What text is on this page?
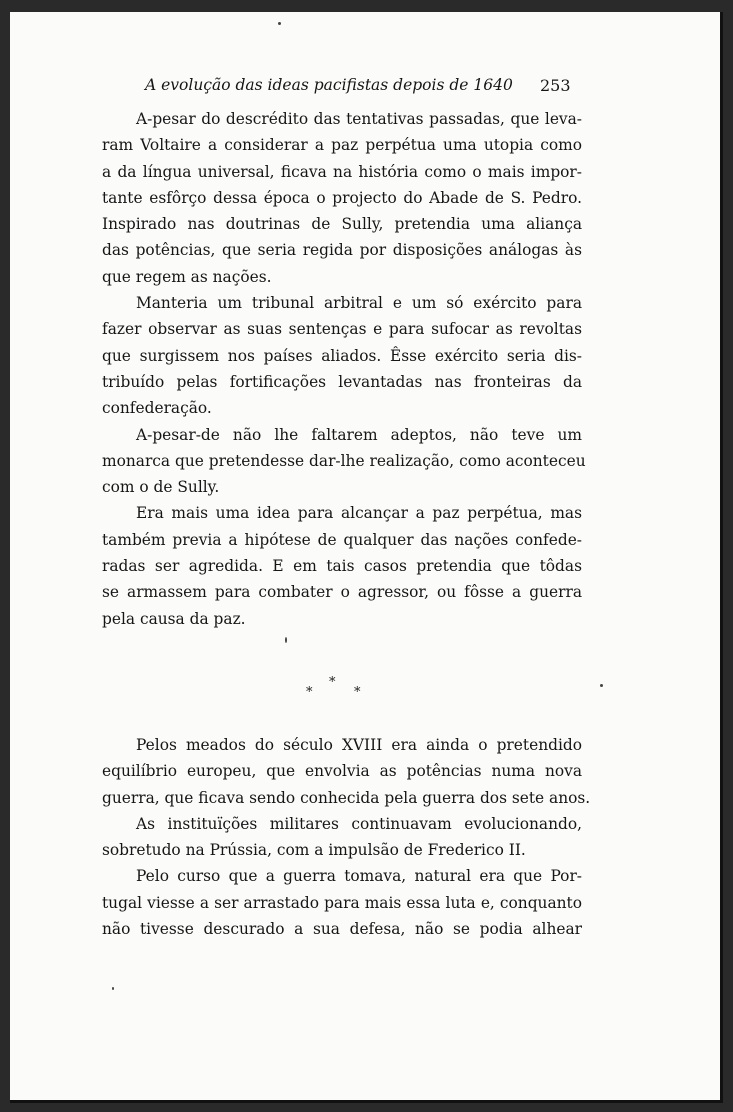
A evolução das ideas pacifistas depois de 1640 253
A-pesar do descrédito das tentativas passadas, que leva-
ram Voltaire a considerar a paz perpétua uma utopia como
a da língua universal, ficava na história como o mais impor-
tante esfôrço dessa época o projecto do Abade de S. Pedro.
Inspirado nas doutrinas de Sully, pretendia uma aliança
das potências, que seria regida por disposições análogas às
que regem as nações.
Manteria um tribunal arbitral e um só exército para
fazer observar as suas sentenças e para sufocar as revoltas
que surgissem nos países aliados. Êsse exército seria dis-
tribuído pelas fortificações levantadas nas fronteiras da
confederação.
A-pesar-de não lhe faltarem adeptos, não teve um
monarca que pretendesse dar-lhe realização, como aconteceu
com o de Sully.
Era mais uma idea para alcançar a paz perpétua, mas
também previa a hipótese de qualquer das nações confede-
radas ser agredida. E em tais casos pretendia que tôdas
se armassem para combater o agressor, ou fôsse a guerra
pela causa da paz.
*
*	*
Pelos meados do século XVIII era ainda o pretendido
equilíbrio europeu, que envolvia as potências numa nova
guerra, que ficava sendo conhecida pela guerra dos sete anos.
As instituïções militares continuavam evolucionando,
sobretudo na Prússia, com a impulsão de Frederico II.
Pelo curso que a guerra tomava, natural era que Por-
tugal viesse a ser arrastado para mais essa luta e, conquanto
não tivesse descurado a sua defesa, não se podia alhear
